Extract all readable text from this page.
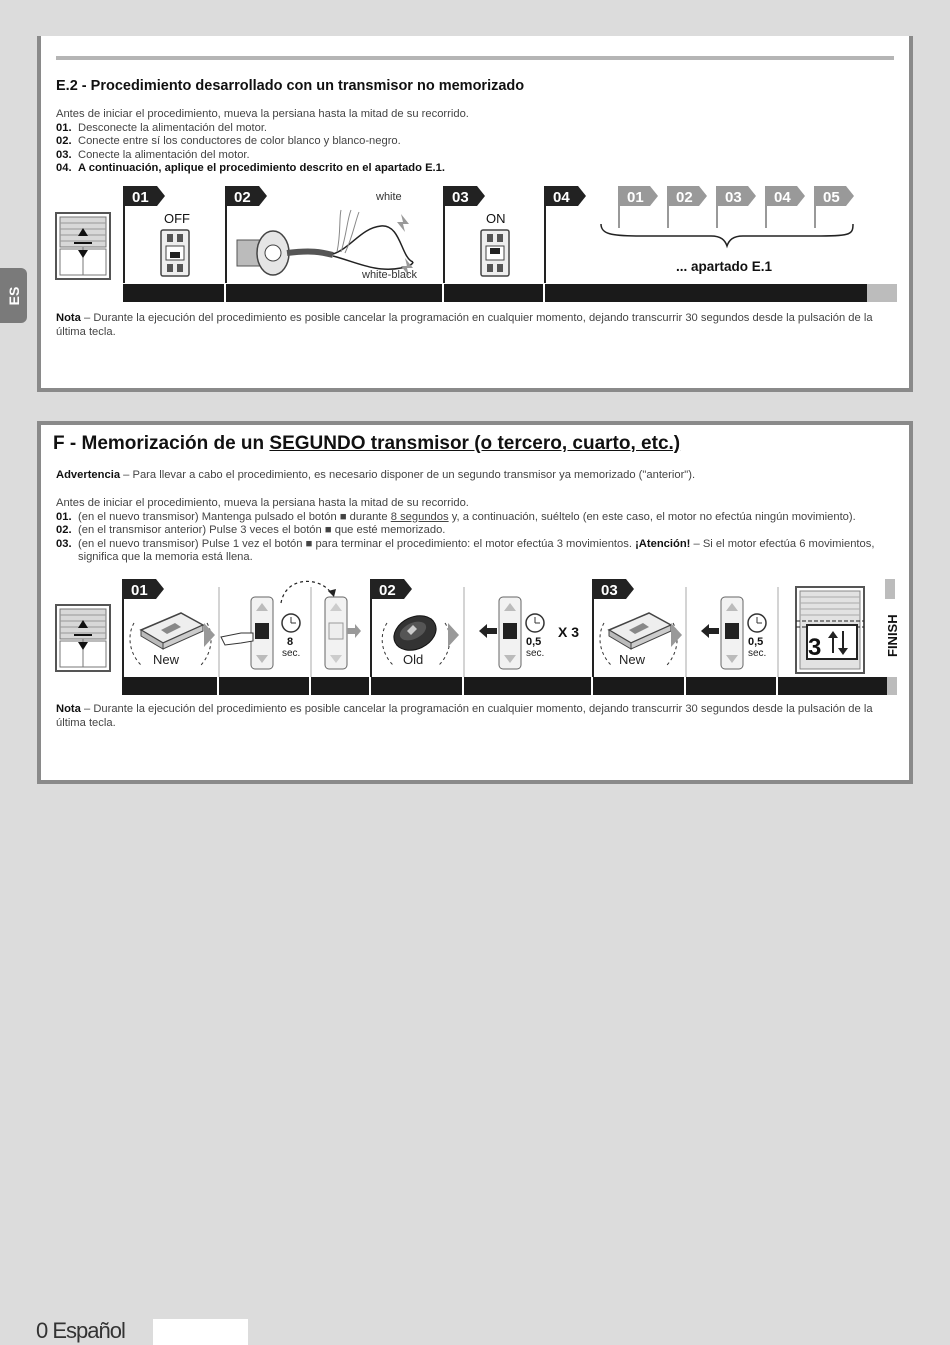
ES
E.2 - Procedimiento desarrollado con un transmisor no memorizado
Antes de iniciar el procedimiento, mueva la persiana hasta la mitad de su recorrido.
01. Desconecte la alimentación del motor.
02. Conecte entre sí los conductores de color blanco y blanco-negro.
03. Conecte la alimentación del motor.
04. A continuación, aplique el procedimiento descrito en el apartado E.1.
01	02	03	04
OFF
white
white-black
ON
01 02 03 04 05
... apartado E.1
Nota – Durante la ejecución del procedimiento es posible cancelar la programación en cualquier momento, dejando transcurrir 30 segundos desde la pulsación de la última tecla.
F - Memorización de un SEGUNDO transmisor (o tercero, cuarto, etc.)
Advertencia – Para llevar a cabo el procedimiento, es necesario disponer de un segundo transmisor ya memorizado ("anterior").
Antes de iniciar el procedimiento, mueva la persiana hasta la mitad de su recorrido.
01. (en el nuevo transmisor) Mantenga pulsado el botón ■ durante 8 segundos y, a continuación, suéltelo (en este caso, el motor no efectúa ningún movimiento).
02. (en el transmisor anterior) Pulse 3 veces el botón ■ que esté memorizado.
03. (en el nuevo transmisor) Pulse 1 vez el botón ■ para terminar el procedimiento: el motor efectúa 3 movimientos. ¡Atención! – Si el motor efectúa 6 movimientos, significa que la memoria está llena.
01	02	03
New
8
sec.	Old
0,5
sec.
X 3
New
0,5
sec. 3	FINISH
Nota – Durante la ejecución del procedimiento es posible cancelar la programación en cualquier momento, dejando transcurrir 30 segundos desde la pulsación de la última tecla.
0 Español
